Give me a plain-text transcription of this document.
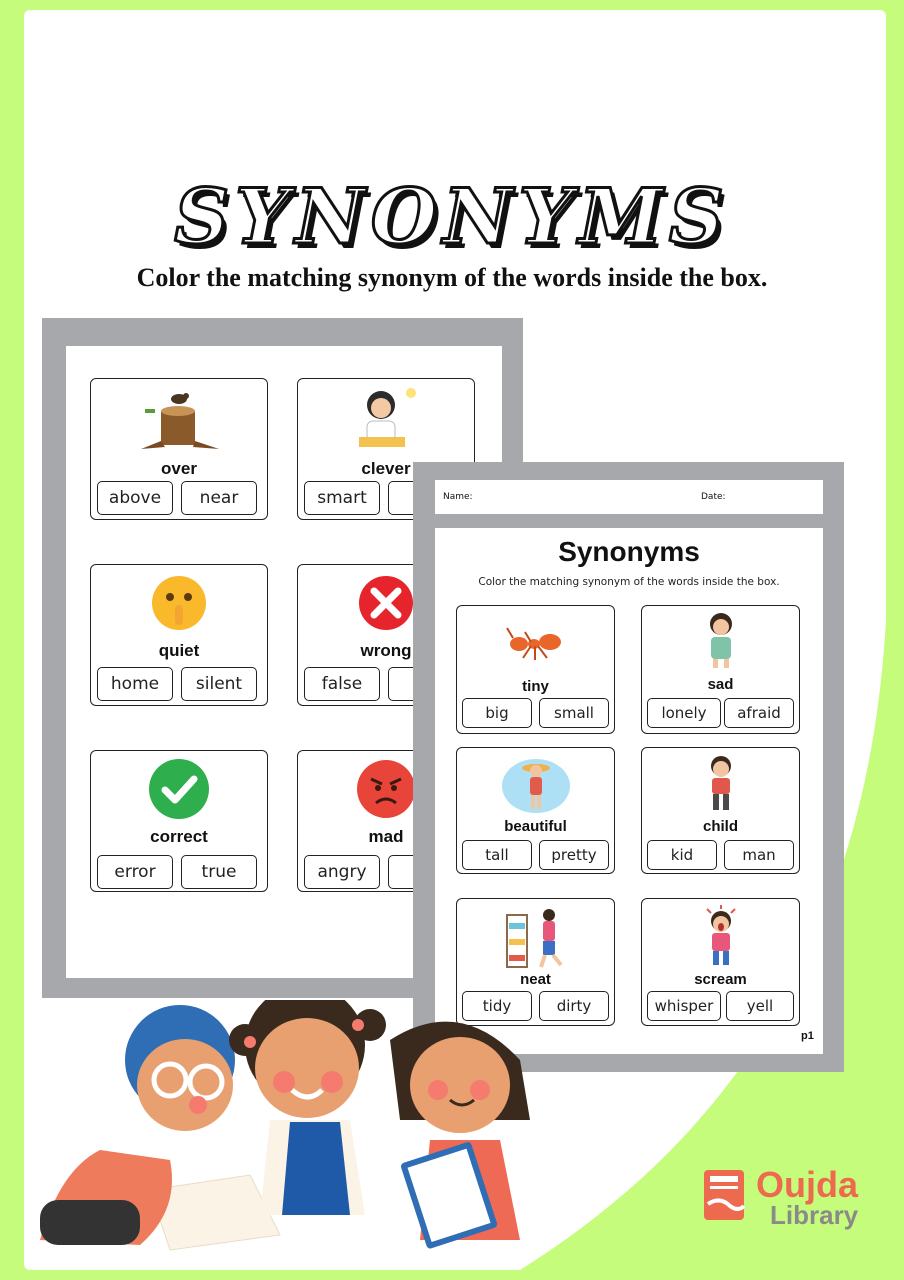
SYNONYMS
Color the matching synonym of the words inside the box.
over
above	near
clever
smart
quiet
home	silent
wrong
false
correct
error	true
mad
angry
Name:	Date:
Synonyms
Color the matching synonym of the words inside the box.
p1
tiny
big	small
sad
lonely	afraid
beautiful
tall	pretty
child
kid	man
neat
tidy	dirty
scream
whisper	yell
Oujda
Library
